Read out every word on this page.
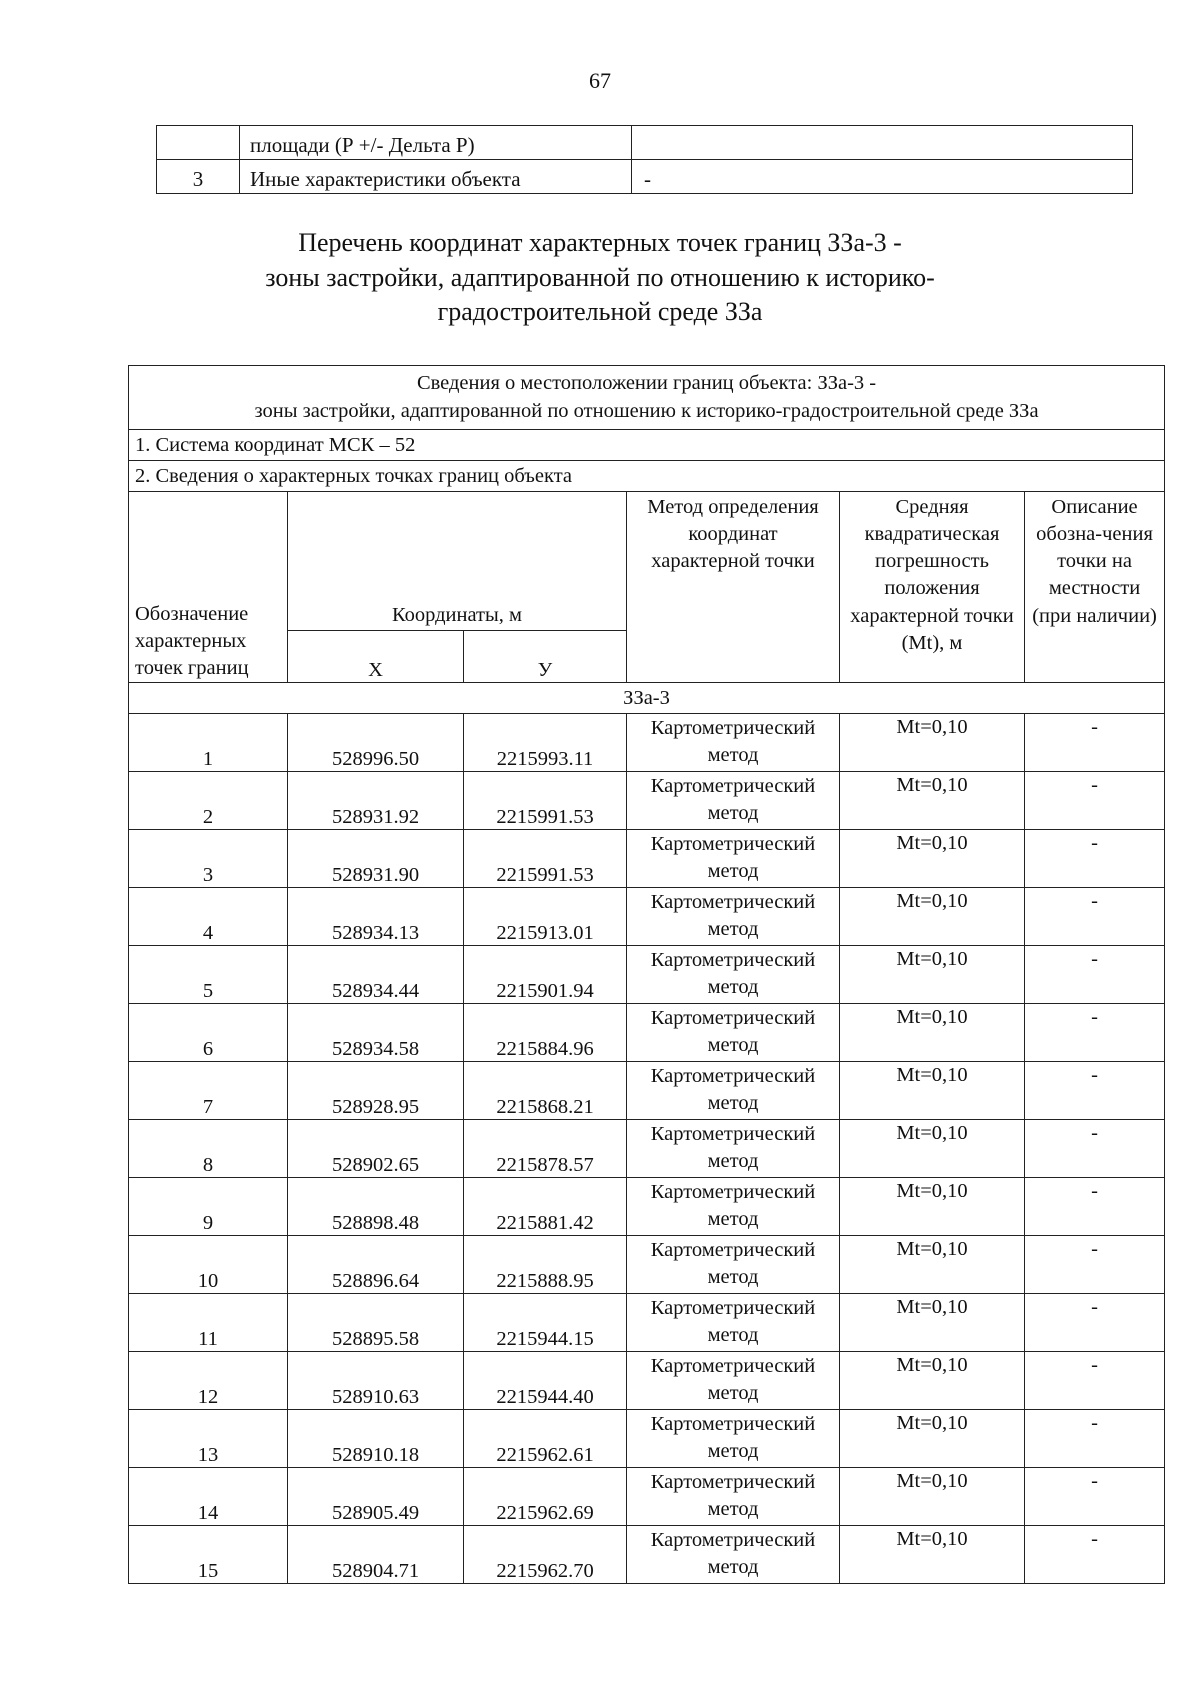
67
	площади (Р +/- Дельта Р)	
3	Иные характеристики объекта	-
Перечень координат характерных точек границ ЗЗа-3 -
зоны застройки, адаптированной по отношению к историко-
градостроительной среде ЗЗа
Сведения о местоположении границ объекта: ЗЗа-3 -
зоны застройки, адаптированной по отношению к историко-градостроительной среде ЗЗа					

1. Система координат МСК – 52					
2. Сведения о характерных точках границ объекта					
Обозначение характерных точек границ	Координаты, м		Метод определения координат характерной точки	Средняя квадратическая погрешность положения характерной точки (Mt), м	Описание обозна-чения точки на местности (при наличии)
	X	У			
ЗЗа-3					
1	528996.50	2215993.11	Картометрический метод	Mt=0,10	-
2	528931.92	2215991.53	Картометрический метод	Mt=0,10	-
3	528931.90	2215991.53	Картометрический метод	Mt=0,10	-
4	528934.13	2215913.01	Картометрический метод	Mt=0,10	-
5	528934.44	2215901.94	Картометрический метод	Mt=0,10	-
6	528934.58	2215884.96	Картометрический метод	Mt=0,10	-
7	528928.95	2215868.21	Картометрический метод	Mt=0,10	-
8	528902.65	2215878.57	Картометрический метод	Mt=0,10	-
9	528898.48	2215881.42	Картометрический метод	Mt=0,10	-
10	528896.64	2215888.95	Картометрический метод	Mt=0,10	-
11	528895.58	2215944.15	Картометрический метод	Mt=0,10	-
12	528910.63	2215944.40	Картометрический метод	Mt=0,10	-
13	528910.18	2215962.61	Картометрический метод	Mt=0,10	-
14	528905.49	2215962.69	Картометрический метод	Mt=0,10	-
15	528904.71	2215962.70	Картометрический метод	Mt=0,10	-
